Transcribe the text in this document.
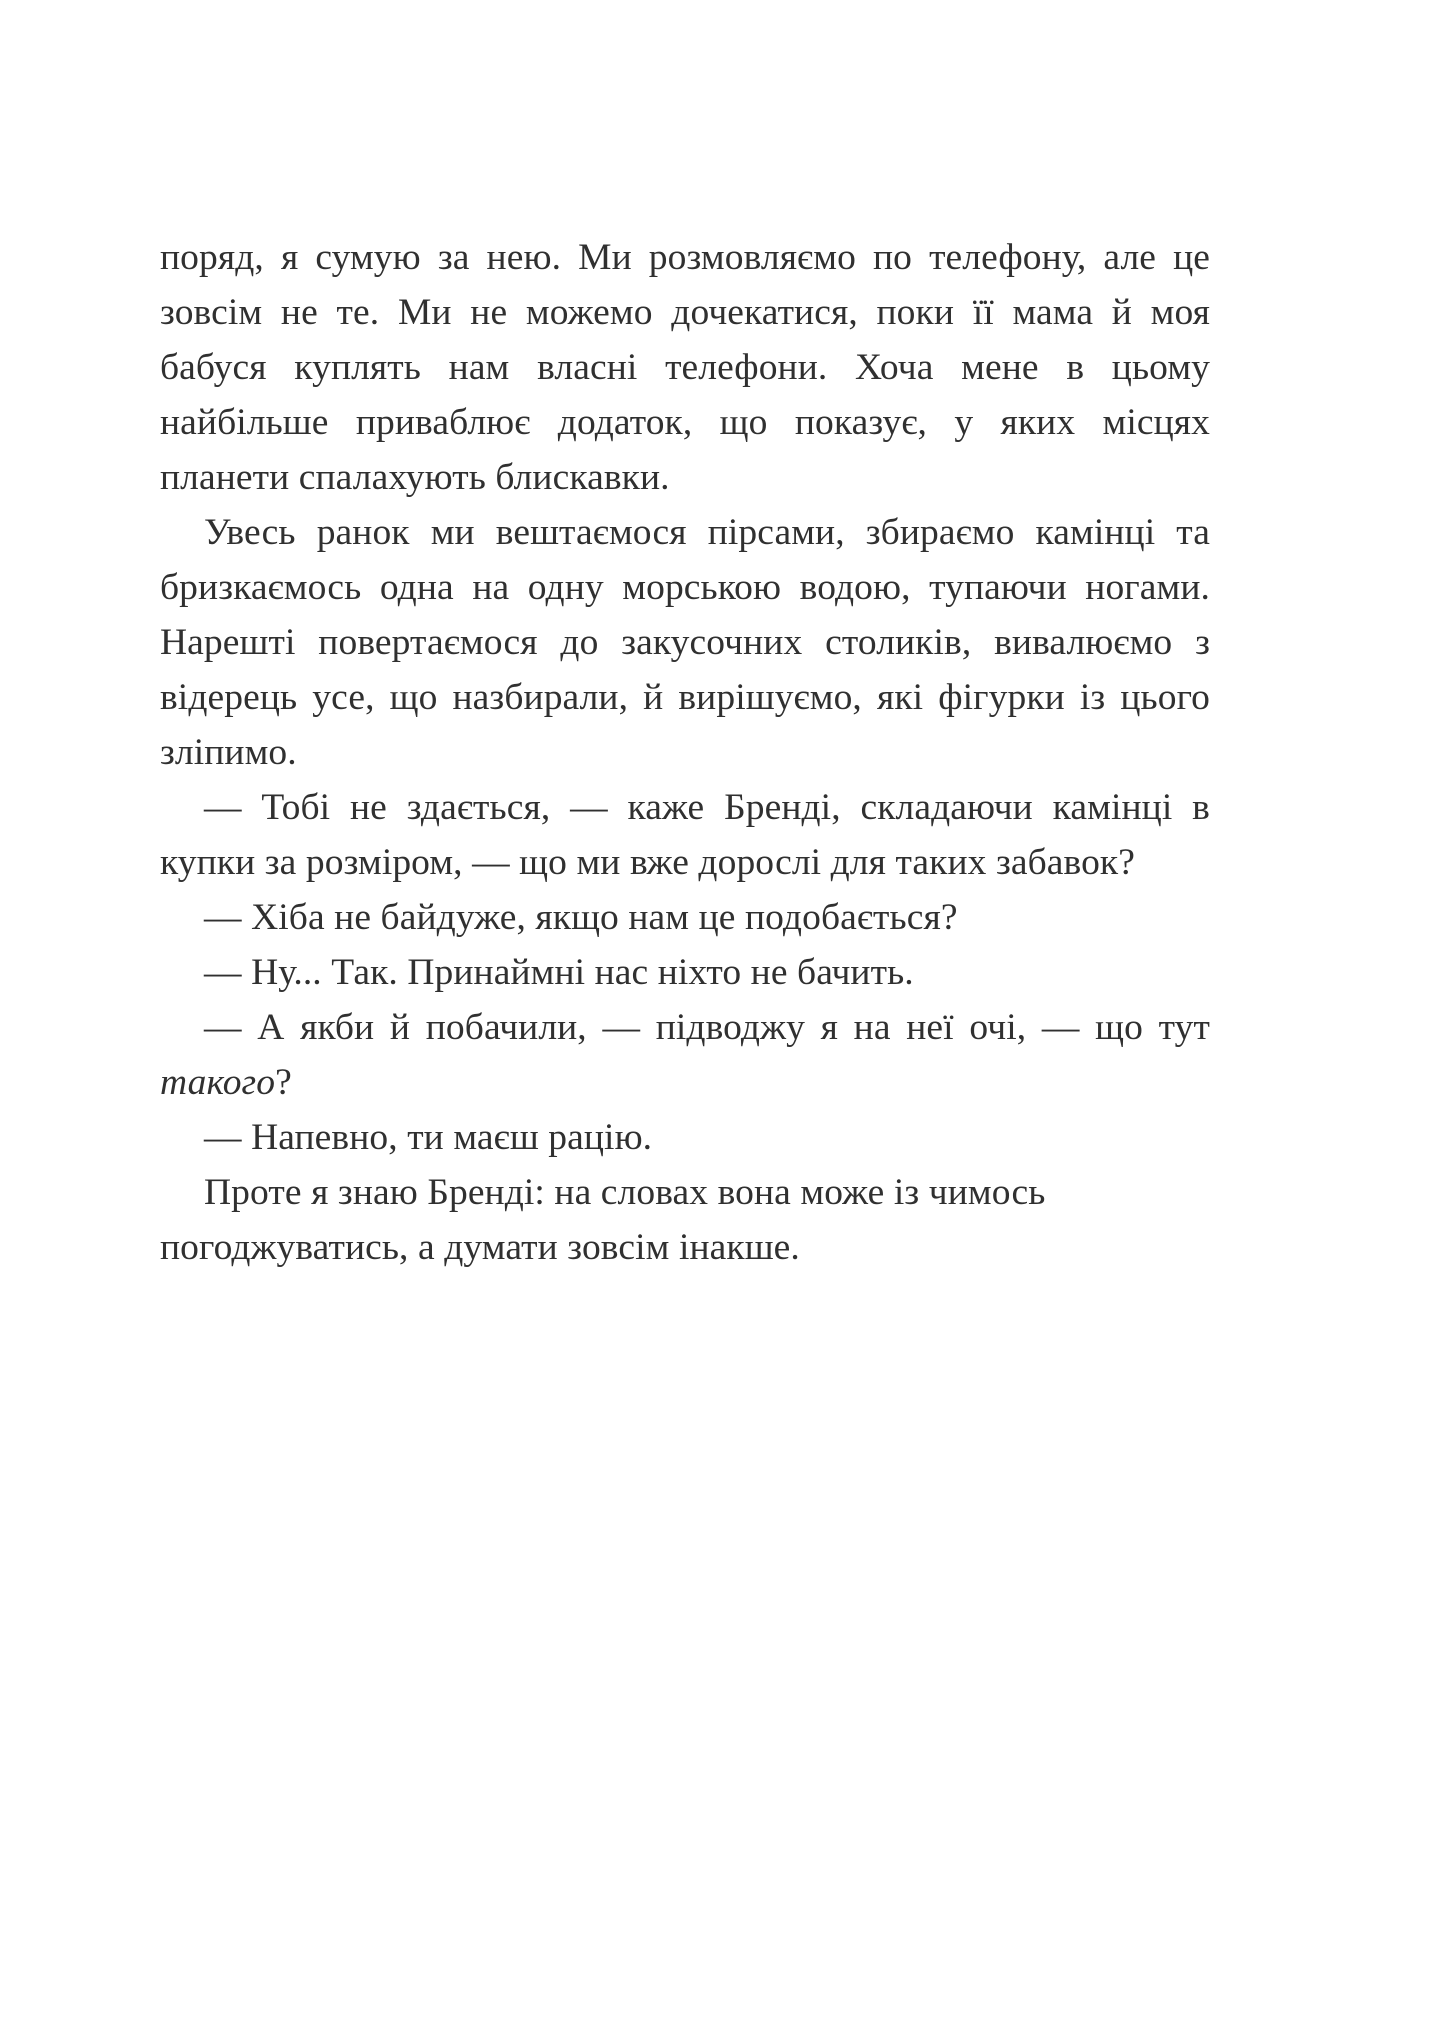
поряд, я сумую за нею. Ми розмовляємо по телефону, але це зовсім не те. Ми не можемо дочекатися, поки її мама й моя бабуся куплять нам власні телефони. Хоча мене в цьому найбільше приваблює додаток, що показує, у яких місцях планети спалахують блискавки.

Увесь ранок ми вештаємося пірсами, збираємо камінці та бризкаємось одна на одну морською водою, тупаючи ногами. Нарешті повертаємося до закусочних столиків, вивалюємо з відерець усе, що назбирали, й вирішуємо, які фігурки із цього зліпимо.

— Тобі не здається, — каже Бренді, складаючи камінці в купки за розміром, — що ми вже дорослі для таких забавок?

— Хіба не байдуже, якщо нам це подобається?

— Ну... Так. Принаймні нас ніхто не бачить.

— А якби й побачили, — підводжу я на неї очі, — що тут такого?

— Напевно, ти маєш рацію.

Проте я знаю Бренді: на словах вона може із чимось погоджуватись, а думати зовсім інакше.
